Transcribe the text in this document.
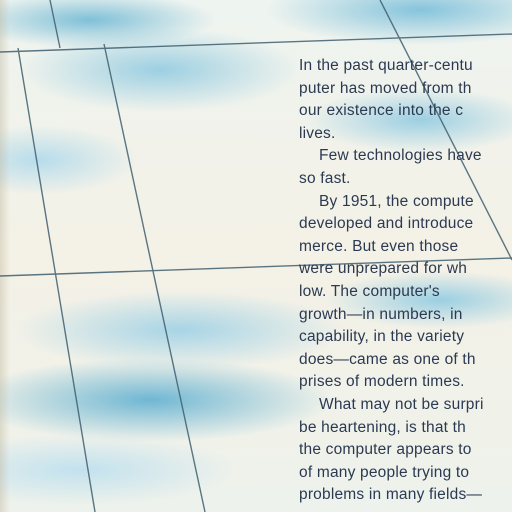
In the past quarter-centu
puter has moved from th
our existence into the c
lives.

Few technologies have
so fast.

By 1951, the compute
developed and introduce
merce. But even those
were unprepared for wh
low. The computer's
growth—in numbers, in
capability, in the variety
does—came as one of th
prises of modern times.

What may not be surpri
be heartening, is that th
the computer appears to
of many people trying to
problems in many fields—
